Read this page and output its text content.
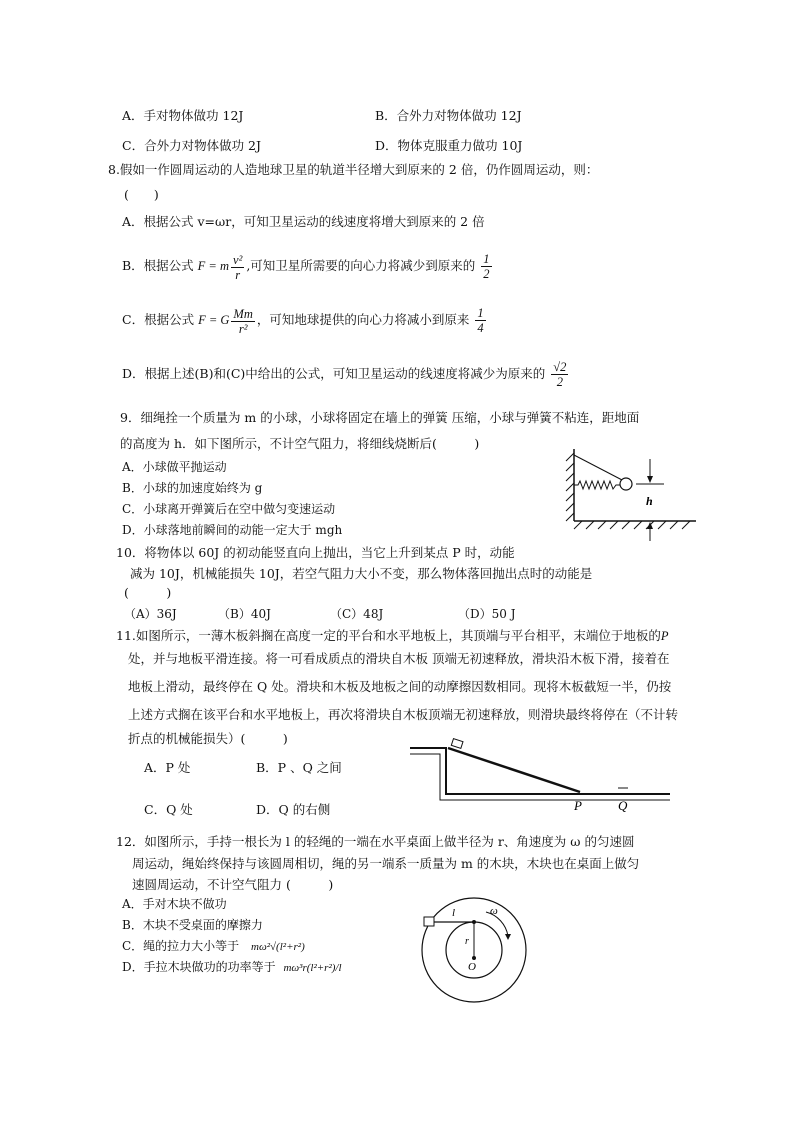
A．手对物体做功 12J	B．合外力对物体做功 12J
C．合外力对物体做功 2J	D．物体克服重力做功 10J
8.假如一作圆周运动的人造地球卫星的轨道半径增大到原来的 2 倍，仍作圆周运动，则：
(　　)
A．根据公式 v=ωr，可知卫星运动的线速度将增大到原来的 2 倍
B．根据公式 F = m $\frac{\text{v²}}{r}$ ,可知卫星所需要的向心力将减少到原来的 $\frac{1}{2}$
C．根据公式 F = G $\frac{Mm}{\text{r²}}$ ，可知地球提供的向心力将减小到原来 $\frac{1}{4}$
D．根据上述(B)和(C)中给出的公式，可知卫星运动的线速度将减少为原来的 $\frac{√2}{2}$
9．细绳拴一个质量为 m 的小球，小球将固定在墙上的弹簧 压缩，小球与弹簧不粘连，距地面
的高度为 h．如下图所示，不计空气阻力，将细线烧断后(　　　)
A．小球做平抛运动
B．小球的加速度始终为 g
C．小球离开弹簧后在空中做匀变速运动
D．小球落地前瞬间的动能一定大于 mgh
h
10．将物体以 60J 的初动能竖直向上抛出，当它上升到某点 P 时，动能
减为 10J，机械能损失 10J，若空气阻力大小不变，那么物体落回抛出点时的动能是
(　　　)
（A）36J	（B）40J	（C）48J	（D）50 J
11.如图所示，一薄木板斜搁在高度一定的平台和水平地板上，其顶端与平台相平，末端位于地板的P
处，并与地板平滑连接。将一可看成质点的滑块自木板 顶端无初速释放，滑块沿木板下滑，接着在
地板上滑动，最终停在 Q 处。滑块和木板及地板之间的动摩擦因数相同。现将木板截短一半，仍按
上述方式搁在该平台和水平地板上，再次将滑块自木板顶端无初速释放，则滑块最终将停在（不计转
折点的机械能损失）(　　　)
A．P 处	B．P 、Q 之间
C．Q 处	D．Q 的右侧	P	Q
12．如图所示，手持一根长为 l 的轻绳的一端在水平桌面上做半径为 r、角速度为 ω 的匀速圆
周运动，绳始终保持与该圆周相切，绳的另一端系一质量为 m 的木块，木块也在桌面上做匀
速圆周运动，不计空气阻力 (　　　)
A．手对木块不做功
B．木块不受桌面的摩擦力
C．绳的拉力大小等于 mω²√(l²+r²)
D．手拉木块做功的功率等于 mω³r(l²+r²)/l
l
r
O
ω
